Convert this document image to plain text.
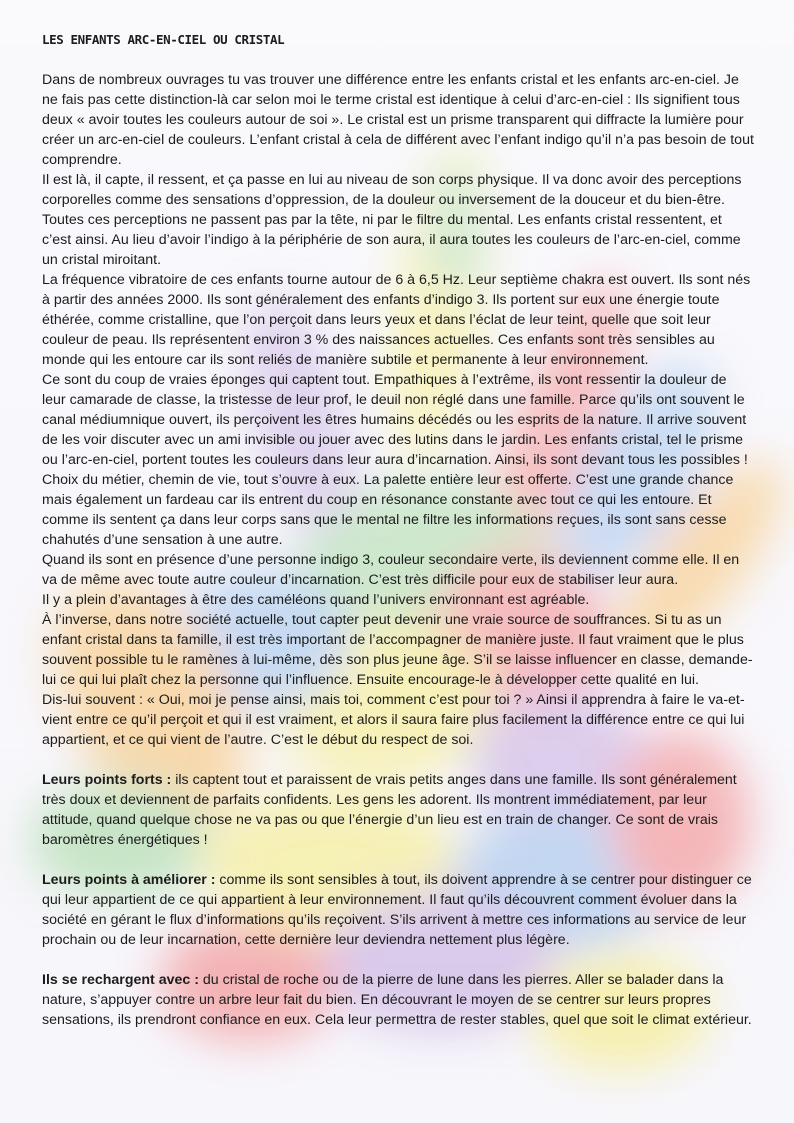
LES ENFANTS ARC-EN-CIEL OU CRISTAL

Dans de nombreux ouvrages tu vas trouver une différence entre les enfants cristal et les enfants arc-en-ciel. Je ne fais pas cette distinction-là car selon moi le terme cristal est identique à celui d’arc-en-ciel : Ils signifient tous deux « avoir toutes les couleurs autour de soi ». Le cristal est un prisme transparent qui diffracte la lumière pour créer un arc-en-ciel de couleurs. L’enfant cristal à cela de différent avec l’enfant indigo qu’il n’a pas besoin de tout comprendre.

Il est là, il capte, il ressent, et ça passe en lui au niveau de son corps physique. Il va donc avoir des perceptions corporelles comme des sensations d’oppression, de la douleur ou inversement de la douceur et du bien-être. Toutes ces perceptions ne passent pas par la tête, ni par le filtre du mental. Les enfants cristal ressentent, et c’est ainsi. Au lieu d’avoir l’indigo à la périphérie de son aura, il aura toutes les couleurs de l’arc-en-ciel, comme un cristal miroitant.

La fréquence vibratoire de ces enfants tourne autour de 6 à 6,5 Hz. Leur septième chakra est ouvert. Ils sont nés à partir des années 2000. Ils sont généralement des enfants d’indigo 3. Ils portent sur eux une énergie toute éthérée, comme cristalline, que l’on perçoit dans leurs yeux et dans l’éclat de leur teint, quelle que soit leur couleur de peau. Ils représentent environ 3 % des naissances actuelles. Ces enfants sont très sensibles au monde qui les entoure car ils sont reliés de manière subtile et permanente à leur environnement.

Ce sont du coup de vraies éponges qui captent tout. Empathiques à l’extrême, ils vont ressentir la douleur de leur camarade de classe, la tristesse de leur prof, le deuil non réglé dans une famille. Parce qu’ils ont souvent le canal médiumnique ouvert, ils perçoivent les êtres humains décédés ou les esprits de la nature. Il arrive souvent de les voir discuter avec un ami invisible ou jouer avec des lutins dans le jardin. Les enfants cristal, tel le prisme ou l’arc-en-ciel, portent toutes les couleurs dans leur aura d’incarnation. Ainsi, ils sont devant tous les possibles ! Choix du métier, chemin de vie, tout s’ouvre à eux. La palette entière leur est offerte. C’est une grande chance mais également un fardeau car ils entrent du coup en résonance constante avec tout ce qui les entoure. Et comme ils sentent ça dans leur corps sans que le mental ne filtre les informations reçues, ils sont sans cesse chahutés d’une sensation à une autre.

Quand ils sont en présence d’une personne indigo 3, couleur secondaire verte, ils deviennent comme elle. Il en va de même avec toute autre couleur d’incarnation. C’est très difficile pour eux de stabiliser leur aura.

Il y a plein d’avantages à être des caméléons quand l’univers environnant est agréable.

À l’inverse, dans notre société actuelle, tout capter peut devenir une vraie source de souffrances. Si tu as un enfant cristal dans ta famille, il est très important de l’accompagner de manière juste. Il faut vraiment que le plus souvent possible tu le ramènes à lui-même, dès son plus jeune âge. S’il se laisse influencer en classe, demande-lui ce qui lui plaît chez la personne qui l’influence. Ensuite encourage-le à développer cette qualité en lui.

Dis-lui souvent : « Oui, moi je pense ainsi, mais toi, comment c’est pour toi ? » Ainsi il apprendra à faire le va-et-vient entre ce qu’il perçoit et qui il est vraiment, et alors il saura faire plus facilement la différence entre ce qui lui appartient, et ce qui vient de l’autre. C’est le début du respect de soi.

Leurs points forts : ils captent tout et paraissent de vrais petits anges dans une famille. Ils sont généralement très doux et deviennent de parfaits confidents. Les gens les adorent. Ils montrent immédiatement, par leur attitude, quand quelque chose ne va pas ou que l’énergie d’un lieu est en train de changer. Ce sont de vrais baromètres énergétiques !

Leurs points à améliorer : comme ils sont sensibles à tout, ils doivent apprendre à se centrer pour distinguer ce qui leur appartient de ce qui appartient à leur environnement. Il faut qu’ils découvrent comment évoluer dans la société en gérant le flux d’informations qu’ils reçoivent. S’ils arrivent à mettre ces informations au service de leur prochain ou de leur incarnation, cette dernière leur deviendra nettement plus légère.

Ils se rechargent avec : du cristal de roche ou de la pierre de lune dans les pierres. Aller se balader dans la nature, s’appuyer contre un arbre leur fait du bien. En découvrant le moyen de se centrer sur leurs propres sensations, ils prendront confiance en eux. Cela leur permettra de rester stables, quel que soit le climat extérieur.
